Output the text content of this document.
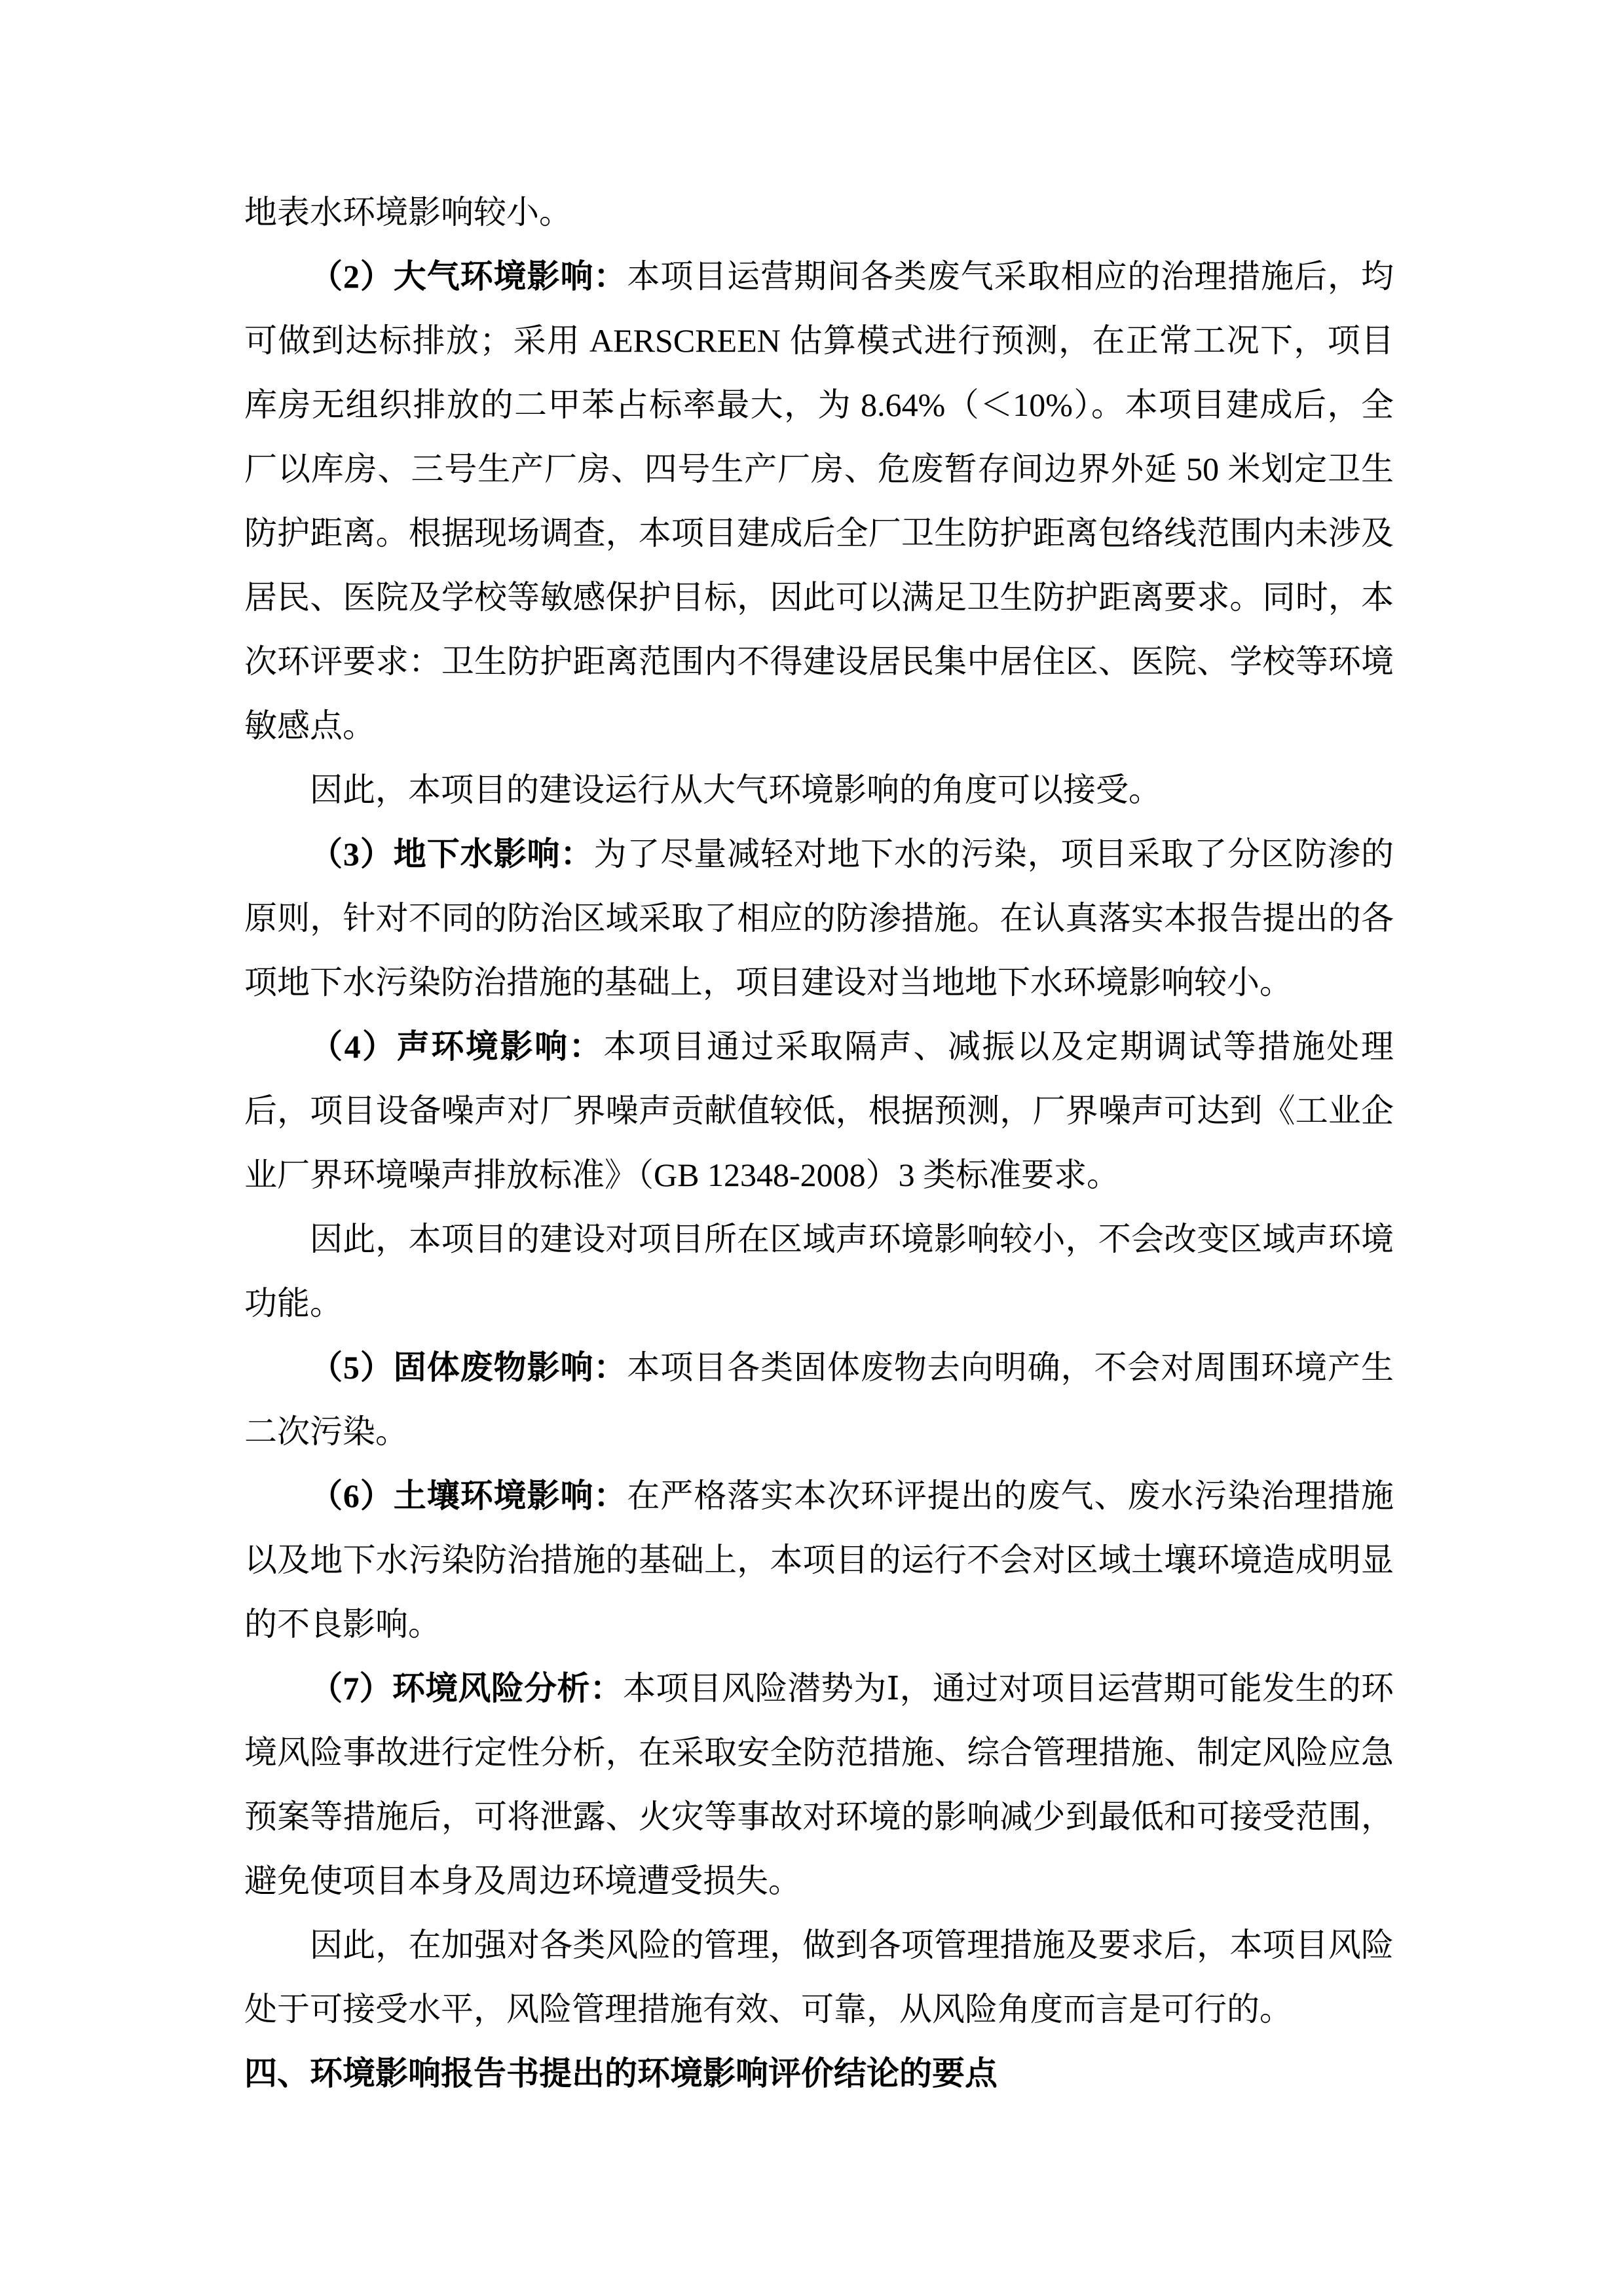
地表水环境影响较小。

（2）大气环境影响：本项目运营期间各类废气采取相应的治理措施后，均可做到达标排放；采用 AERSCREEN 估算模式进行预测，在正常工况下，项目库房无组织排放的二甲苯占标率最大，为 8.64%（＜10%）。本项目建成后，全厂以库房、三号生产厂房、四号生产厂房、危废暂存间边界外延 50 米划定卫生防护距离。根据现场调查，本项目建成后全厂卫生防护距离包络线范围内未涉及居民、医院及学校等敏感保护目标，因此可以满足卫生防护距离要求。同时，本次环评要求：卫生防护距离范围内不得建设居民集中居住区、医院、学校等环境敏感点。

因此，本项目的建设运行从大气环境影响的角度可以接受。

（3）地下水影响：为了尽量减轻对地下水的污染，项目采取了分区防渗的原则，针对不同的防治区域采取了相应的防渗措施。在认真落实本报告提出的各项地下水污染防治措施的基础上，项目建设对当地地下水环境影响较小。

（4）声环境影响：本项目通过采取隔声、减振以及定期调试等措施处理后，项目设备噪声对厂界噪声贡献值较低，根据预测，厂界噪声可达到《工业企业厂界环境噪声排放标准》（GB 12348-2008）3 类标准要求。

因此，本项目的建设对项目所在区域声环境影响较小，不会改变区域声环境功能。

（5）固体废物影响：本项目各类固体废物去向明确，不会对周围环境产生二次污染。

（6）土壤环境影响：在严格落实本次环评提出的废气、废水污染治理措施以及地下水污染防治措施的基础上，本项目的运行不会对区域土壤环境造成明显的不良影响。

（7）环境风险分析：本项目风险潜势为Ⅰ，通过对项目运营期可能发生的环境风险事故进行定性分析，在采取安全防范措施、综合管理措施、制定风险应急预案等措施后，可将泄露、火灾等事故对环境的影响减少到最低和可接受范围，避免使项目本身及周边环境遭受损失。

因此，在加强对各类风险的管理，做到各项管理措施及要求后，本项目风险处于可接受水平，风险管理措施有效、可靠，从风险角度而言是可行的。

四、环境影响报告书提出的环境影响评价结论的要点
